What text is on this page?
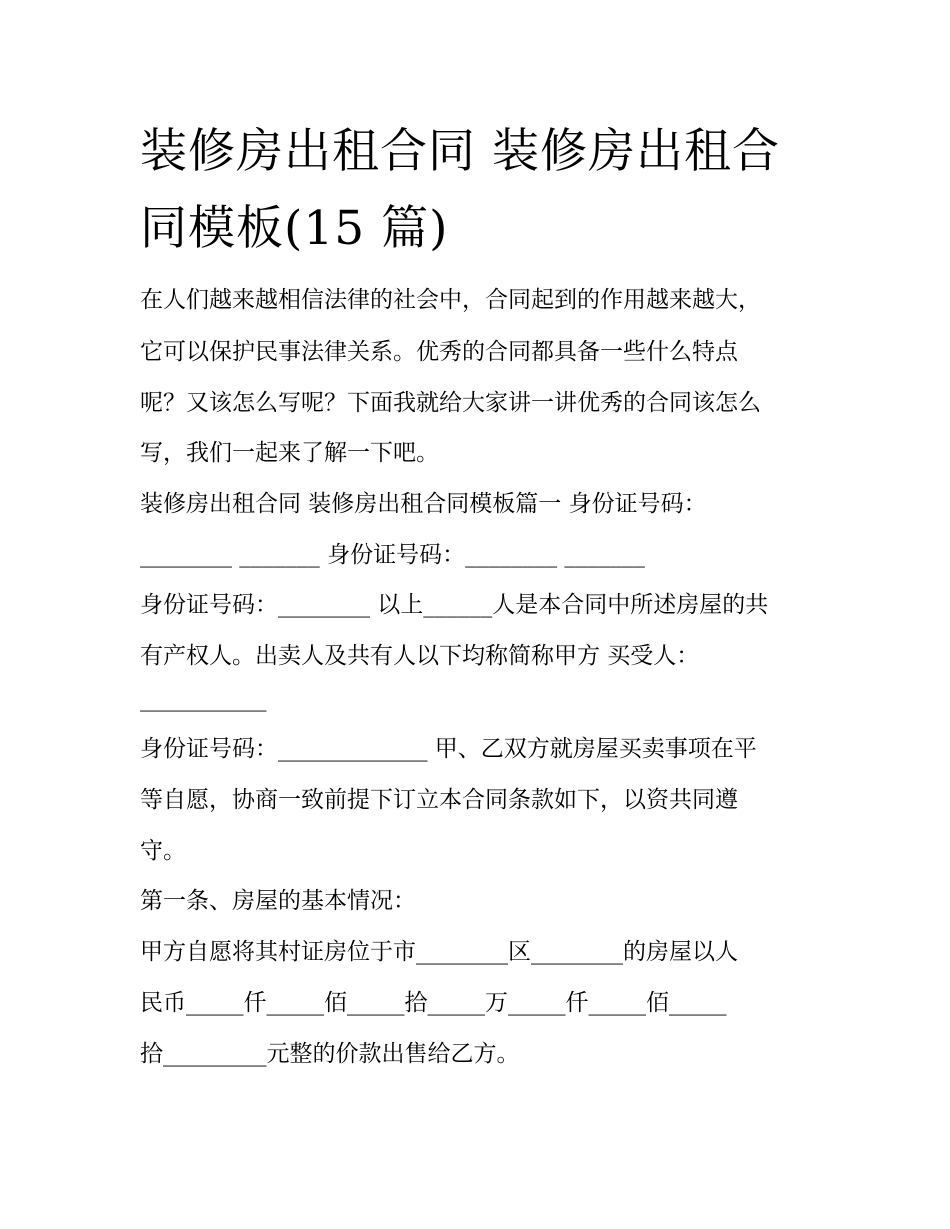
装修房出租合同 装修房出租合
同模板(15 篇)

在人们越来越相信法律的社会中，合同起到的作用越来越大，

它可以保护民事法律关系。优秀的合同都具备一些什么特点

呢？又该怎么写呢？下面我就给大家讲一讲优秀的合同该怎么

写，我们一起来了解一下吧。

装修房出租合同 装修房出租合同模板篇一 身份证号码：

________ _______ 身份证号码：________ _______

身份证号码：________ 以上______人是本合同中所述房屋的共

有产权人。出卖人及共有人以下均称简称甲方 买受人：

___________

身份证号码：_____________ 甲、乙双方就房屋买卖事项在平

等自愿，协商一致前提下订立本合同条款如下，以资共同遵

守。

第一条、房屋的基本情况：

甲方自愿将其村证房位于市________区________的房屋以人

民币_____仟_____佰_____拾_____万_____仟_____佰_____

拾_________元整的价款出售给乙方。
